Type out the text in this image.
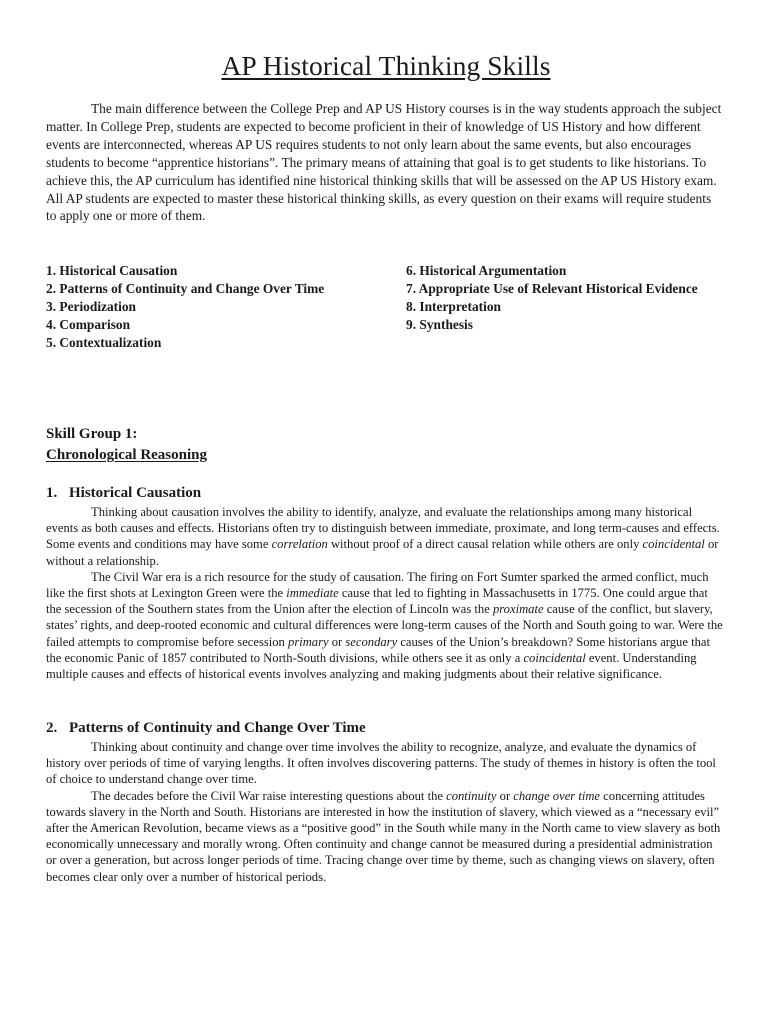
AP Historical Thinking Skills

The main difference between the College Prep and AP US History courses is in the way students approach the subject matter. In College Prep, students are expected to become proficient in their of knowledge of US History and how different events are interconnected, whereas AP US requires students to not only learn about the same events, but also encourages students to become “apprentice historians”. The primary means of attaining that goal is to get students to like historians. To achieve this, the AP curriculum has identified nine historical thinking skills that will be assessed on the AP US History exam. All AP students are expected to master these historical thinking skills, as every question on their exams will require students to apply one or more of them.

1. Historical Causation
2. Patterns of Continuity and Change Over Time
3. Periodization
4. Comparison
5. Contextualization
6. Historical Argumentation
7. Appropriate Use of Relevant Historical Evidence
8. Interpretation
9. Synthesis
Skill Group 1:
Chronological Reasoning
1. Historical Causation

Thinking about causation involves the ability to identify, analyze, and evaluate the relationships among many historical events as both causes and effects. Historians often try to distinguish between immediate, proximate, and long term-causes and effects. Some events and conditions may have some correlation without proof of a direct causal relation while others are only coincidental or without a relationship.

The Civil War era is a rich resource for the study of causation. The firing on Fort Sumter sparked the armed conflict, much like the first shots at Lexington Green were the immediate cause that led to fighting in Massachusetts in 1775. One could argue that the secession of the Southern states from the Union after the election of Lincoln was the proximate cause of the conflict, but slavery, states’ rights, and deep-rooted economic and cultural differences were long-term causes of the North and South going to war. Were the failed attempts to compromise before secession primary or secondary causes of the Union’s breakdown? Some historians argue that the economic Panic of 1857 contributed to North-South divisions, while others see it as only a coincidental event. Understanding multiple causes and effects of historical events involves analyzing and making judgments about their relative significance.

2. Patterns of Continuity and Change Over Time

Thinking about continuity and change over time involves the ability to recognize, analyze, and evaluate the dynamics of history over periods of time of varying lengths. It often involves discovering patterns. The study of themes in history is often the tool of choice to understand change over time.

The decades before the Civil War raise interesting questions about the continuity or change over time concerning attitudes towards slavery in the North and South. Historians are interested in how the institution of slavery, which viewed as a “necessary evil” after the American Revolution, became views as a “positive good” in the South while many in the North came to view slavery as both economically unnecessary and morally wrong. Often continuity and change cannot be measured during a presidential administration or over a generation, but across longer periods of time. Tracing change over time by theme, such as changing views on slavery, often becomes clear only over a number of historical periods.
